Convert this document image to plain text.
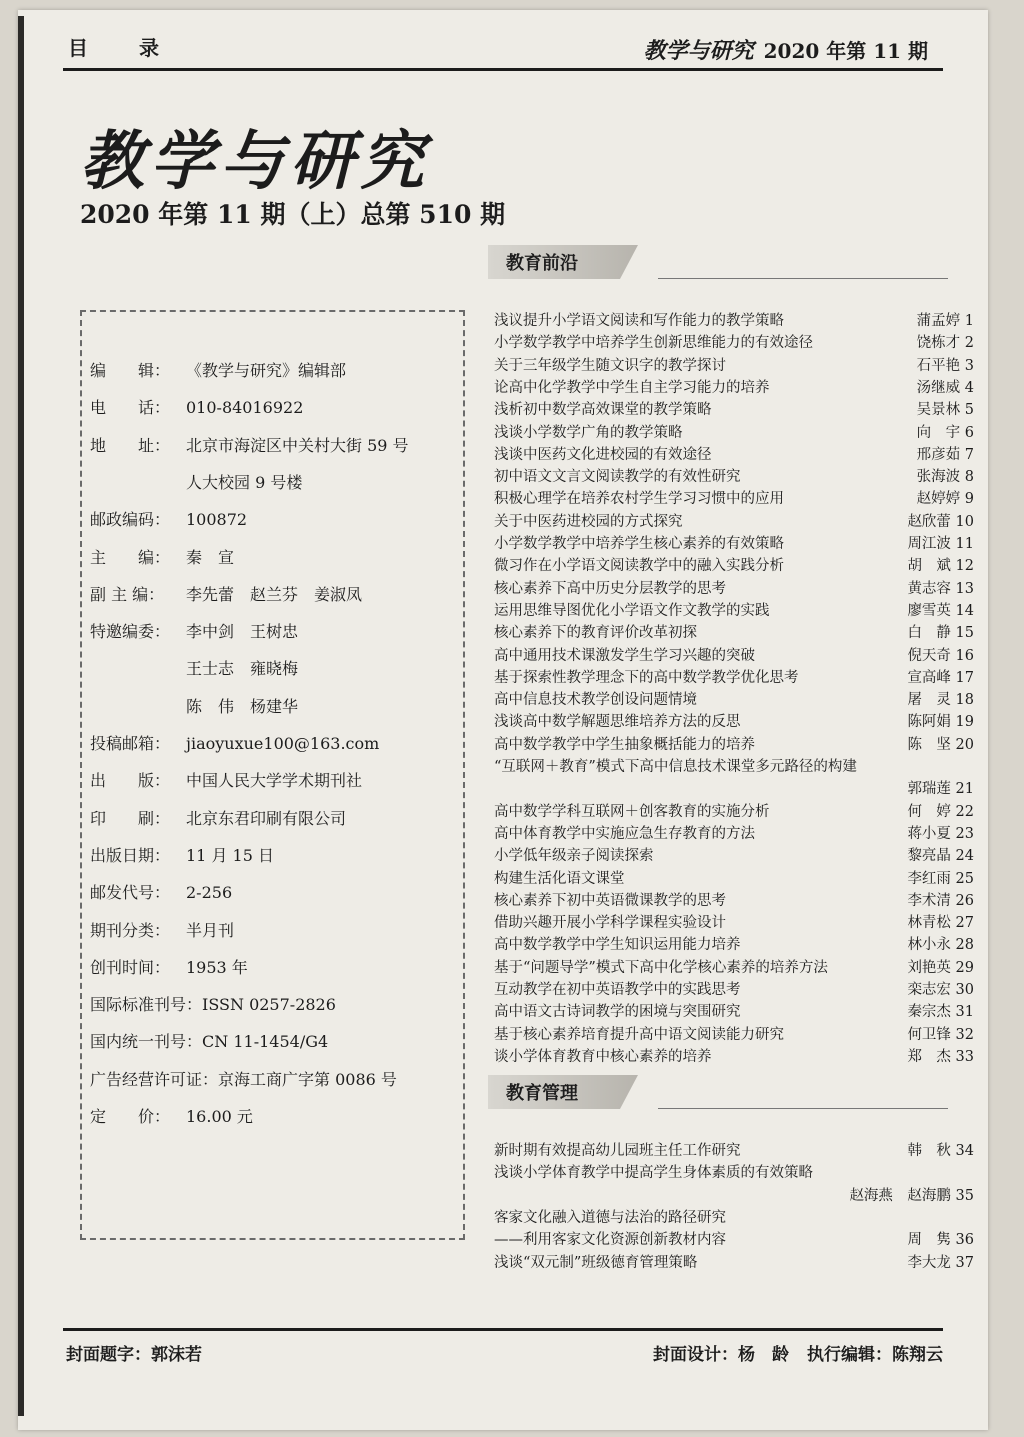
目 录	教学与研究 2020 年第 11 期
教学与研究
2020 年第 11 期（上）总第 510 期
编　　辑： 《教学与研究》编辑部
电　　话： 010-84016922
地　　址： 北京市海淀区中关村大街 59 号
人大校园 9 号楼
邮政编码： 100872
主　　编： 秦　宣
副 主 编： 李先蕾　赵兰芬　姜淑凤
特邀编委： 李中剑　王树忠
王士志　雍晓梅
陈　伟　杨建华
投稿邮箱： jiaoyuxue100@163.com
出　　版： 中国人民大学学术期刊社
印　　刷： 北京东君印刷有限公司
出版日期： 11 月 15 日
邮发代号： 2-256
期刊分类： 半月刊
创刊时间： 1953 年
国际标准刊号：ISSN 0257-2826
国内统一刊号：CN 11-1454/G4
广告经营许可证：京海工商广字第 0086 号
定　　价： 16.00 元
教育前沿
浅议提升小学语文阅读和写作能力的教学策略	蒲孟婷 1
小学数学教学中培养学生创新思维能力的有效途径	饶栋才 2
关于三年级学生随文识字的教学探讨	石平艳 3
论高中化学教学中学生自主学习能力的培养	汤继威 4
浅析初中数学高效课堂的教学策略	吴景林 5
浅谈小学数学广角的教学策略	向　宇 6
浅谈中医药文化进校园的有效途径	邢彦茹 7
初中语文文言文阅读教学的有效性研究	张海波 8
积极心理学在培养农村学生学习习惯中的应用	赵婷婷 9
关于中医药进校园的方式探究	赵欣蕾 10
小学数学教学中培养学生核心素养的有效策略	周江波 11
微习作在小学语文阅读教学中的融入实践分析	胡　斌 12
核心素养下高中历史分层教学的思考	黄志容 13
运用思维导图优化小学语文作文教学的实践	廖雪英 14
核心素养下的教育评价改革初探	白　静 15
高中通用技术课激发学生学习兴趣的突破	倪天奇 16
基于探索性教学理念下的高中数学教学优化思考	宣高峰 17
高中信息技术教学创设问题情境	屠　灵 18
浅谈高中数学解题思维培养方法的反思	陈阿娟 19
高中数学教学中学生抽象概括能力的培养	陈　坚 20
“互联网＋教育”模式下高中信息技术课堂多元路径的构建
郭瑞莲 21
高中数学学科互联网＋创客教育的实施分析	何　婷 22
高中体育教学中实施应急生存教育的方法	蒋小夏 23
小学低年级亲子阅读探索	黎亮晶 24
构建生活化语文课堂	李红雨 25
核心素养下初中英语微课教学的思考	李术清 26
借助兴趣开展小学科学课程实验设计	林青松 27
高中数学教学中学生知识运用能力培养	林小永 28
基于“问题导学”模式下高中化学核心素养的培养方法	刘艳英 29
互动教学在初中英语教学中的实践思考	栾志宏 30
高中语文古诗词教学的困境与突围研究	秦宗杰 31
基于核心素养培育提升高中语文阅读能力研究	何卫锋 32
谈小学体育教育中核心素养的培养	郑　杰 33
教育管理
新时期有效提高幼儿园班主任工作研究	韩　秋 34
浅谈小学体育教学中提高学生身体素质的有效策略
赵海燕　赵海鹏 35
客家文化融入道德与法治的路径研究
——利用客家文化资源创新教材内容	周　隽 36
浅谈“双元制”班级德育管理策略	李大龙 37
封面题字：郭沫若	封面设计：杨　龄 执行编辑：陈翔云
